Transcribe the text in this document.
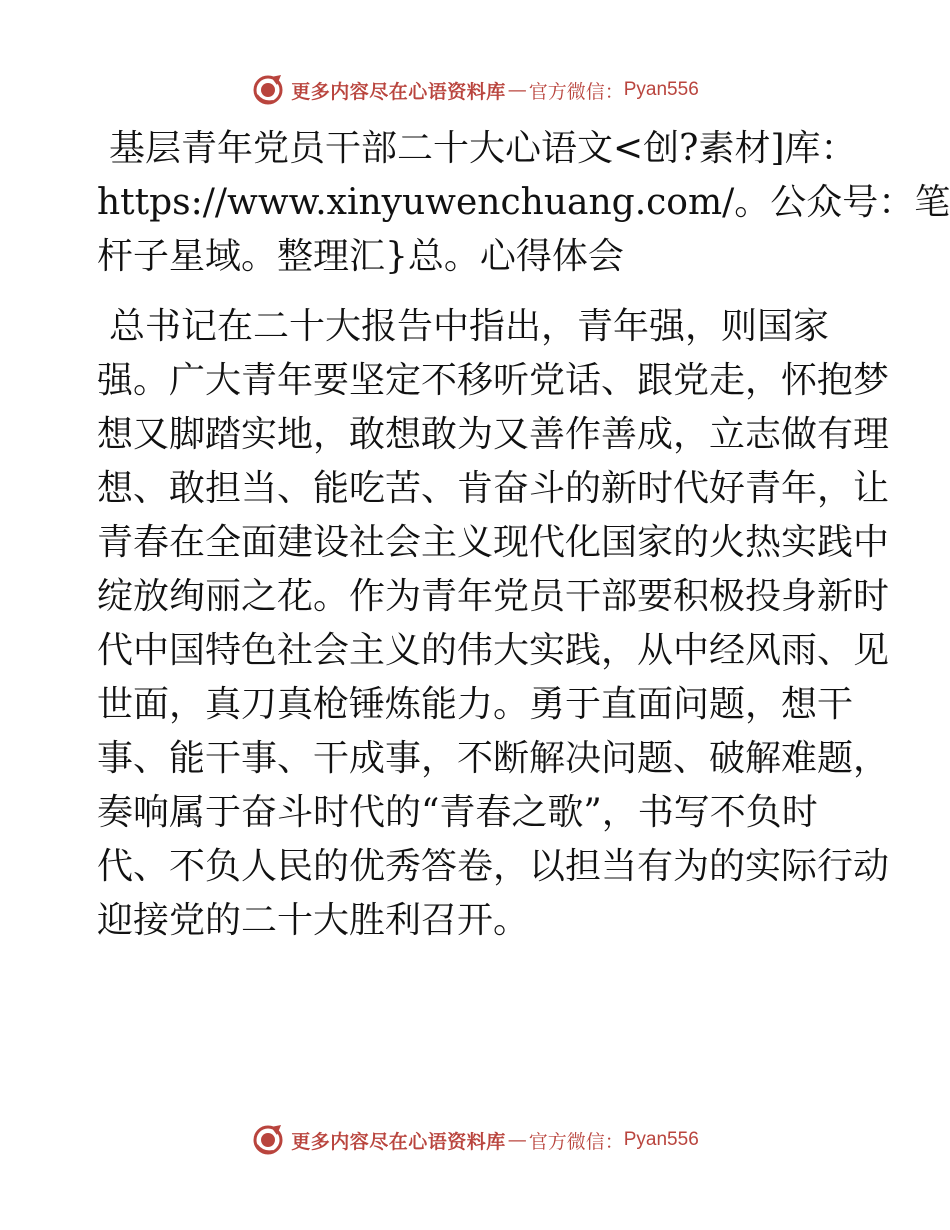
更多内容尽在心语资料库 — 官方微信： Pyan556

基层青年党员干部二十大心语文<创?素材]库：

https://www.xinyuwenchuang.com/。公众号：笔
杆子星域。整理汇}总。心得体会

总书记在二十大报告中指出，青年强，则国家

强。广大青年要坚定不移听党话、跟党走，怀抱梦
想又脚踏实地，敢想敢为又善作善成，立志做有理
想、敢担当、能吃苦、肯奋斗的新时代好青年，让
青春在全面建设社会主义现代化国家的火热实践中
绽放绚丽之花。作为青年党员干部要积极投身新时
代中国特色社会主义的伟大实践，从中经风雨、见
世面，真刀真枪锤炼能力。勇于直面问题，想干
事、能干事、干成事，不断解决问题、破解难题，
奏响属于奋斗时代的“青春之歌”，书写不负时
代、不负人民的优秀答卷，以担当有为的实际行动
迎接党的二十大胜利召开。

更多内容尽在心语资料库 — 官方微信： Pyan556
